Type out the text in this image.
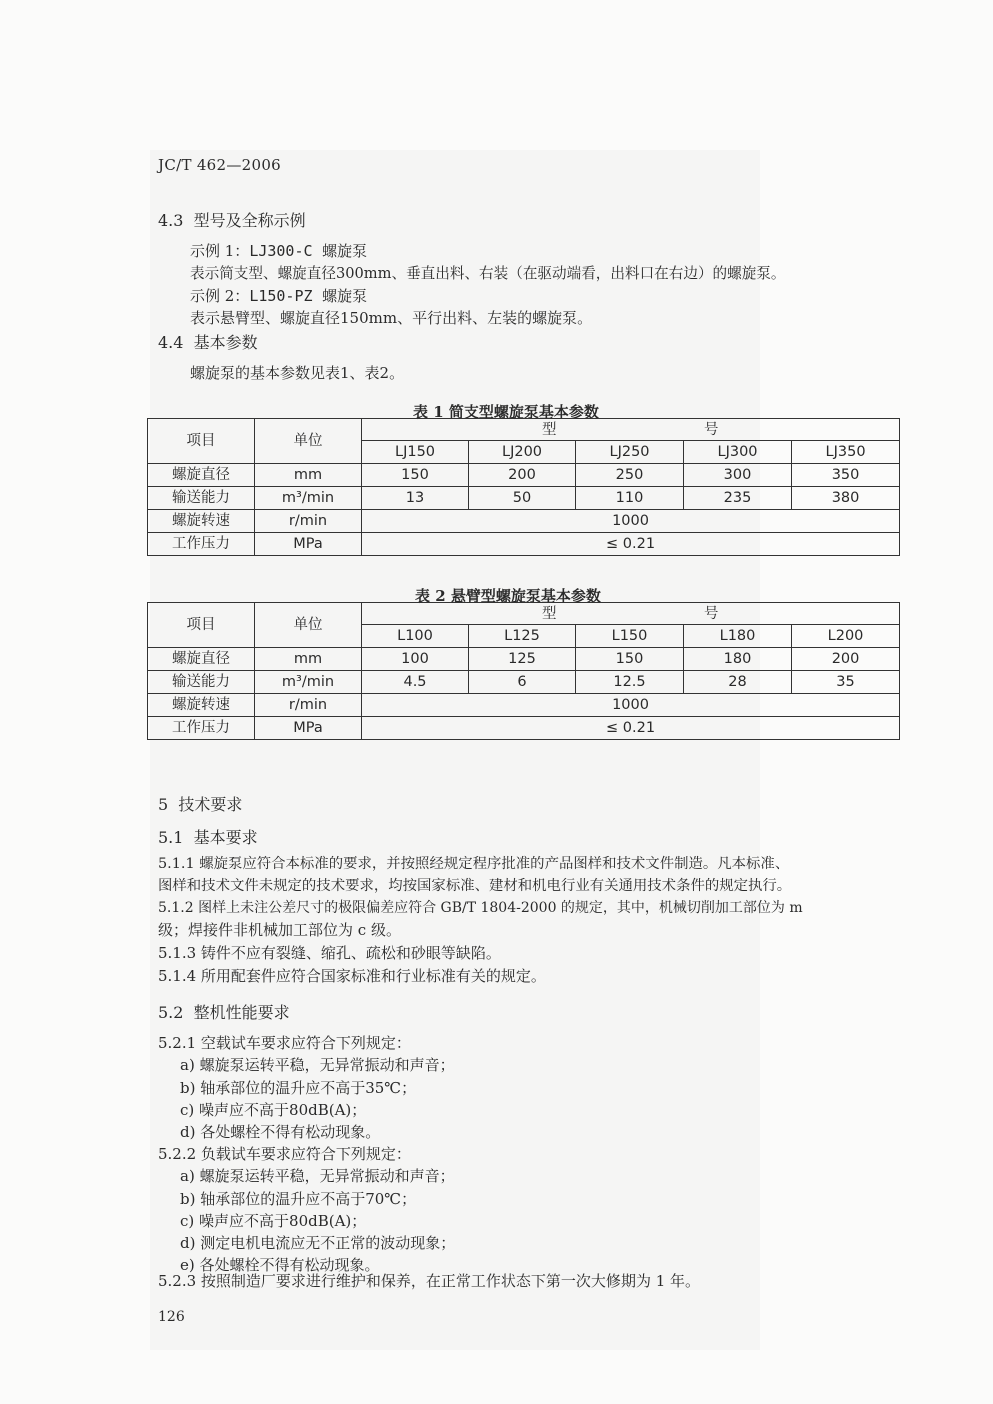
JC/T 462—2006
4.3 型号及全称示例
示例 1：LJ300-C 螺旋泵
表示简支型、螺旋直径300mm、垂直出料、右装（在驱动端看，出料口在右边）的螺旋泵。
示例 2：L150-PZ 螺旋泵
表示悬臂型、螺旋直径150mm、平行出料、左装的螺旋泵。
4.4 基本参数
螺旋泵的基本参数见表1、表2。
表 1 简支型螺旋泵基本参数
项目	单位	型 号				

		LJ150	LJ200	LJ250	LJ300	LJ350
螺旋直径	mm	150	200	250	300	350
输送能力	m³/min	13	50	110	235	380
螺旋转速	r/min	1000				
工作压力	MPa	≤ 0.21				
表 2 悬臂型螺旋泵基本参数
项目	单位	型 号				

		L100	L125	L150	L180	L200
螺旋直径	mm	100	125	150	180	200
输送能力	m³/min	4.5	6	12.5	28	35
螺旋转速	r/min	1000				
工作压力	MPa	≤ 0.21				
5 技术要求
5.1 基本要求
5.1.1 螺旋泵应符合本标准的要求，并按照经规定程序批准的产品图样和技术文件制造。凡本标准、
图样和技术文件未规定的技术要求，均按国家标准、建材和机电行业有关通用技术条件的规定执行。
5.1.2 图样上未注公差尺寸的极限偏差应符合 GB/T 1804-2000 的规定，其中，机械切削加工部位为 m
级；焊接件非机械加工部位为 c 级。
5.1.3 铸件不应有裂缝、缩孔、疏松和砂眼等缺陷。
5.1.4 所用配套件应符合国家标准和行业标准有关的规定。
5.2 整机性能要求
5.2.1 空载试车要求应符合下列规定：
a) 螺旋泵运转平稳，无异常振动和声音；
b) 轴承部位的温升应不高于35℃；
c) 噪声应不高于80dB(A)；
d) 各处螺栓不得有松动现象。
5.2.2 负载试车要求应符合下列规定：
a) 螺旋泵运转平稳，无异常振动和声音；
b) 轴承部位的温升应不高于70℃；
c) 噪声应不高于80dB(A)；
d) 测定电机电流应无不正常的波动现象；
e) 各处螺栓不得有松动现象。
5.2.3 按照制造厂要求进行维护和保养，在正常工作状态下第一次大修期为 1 年。
126
